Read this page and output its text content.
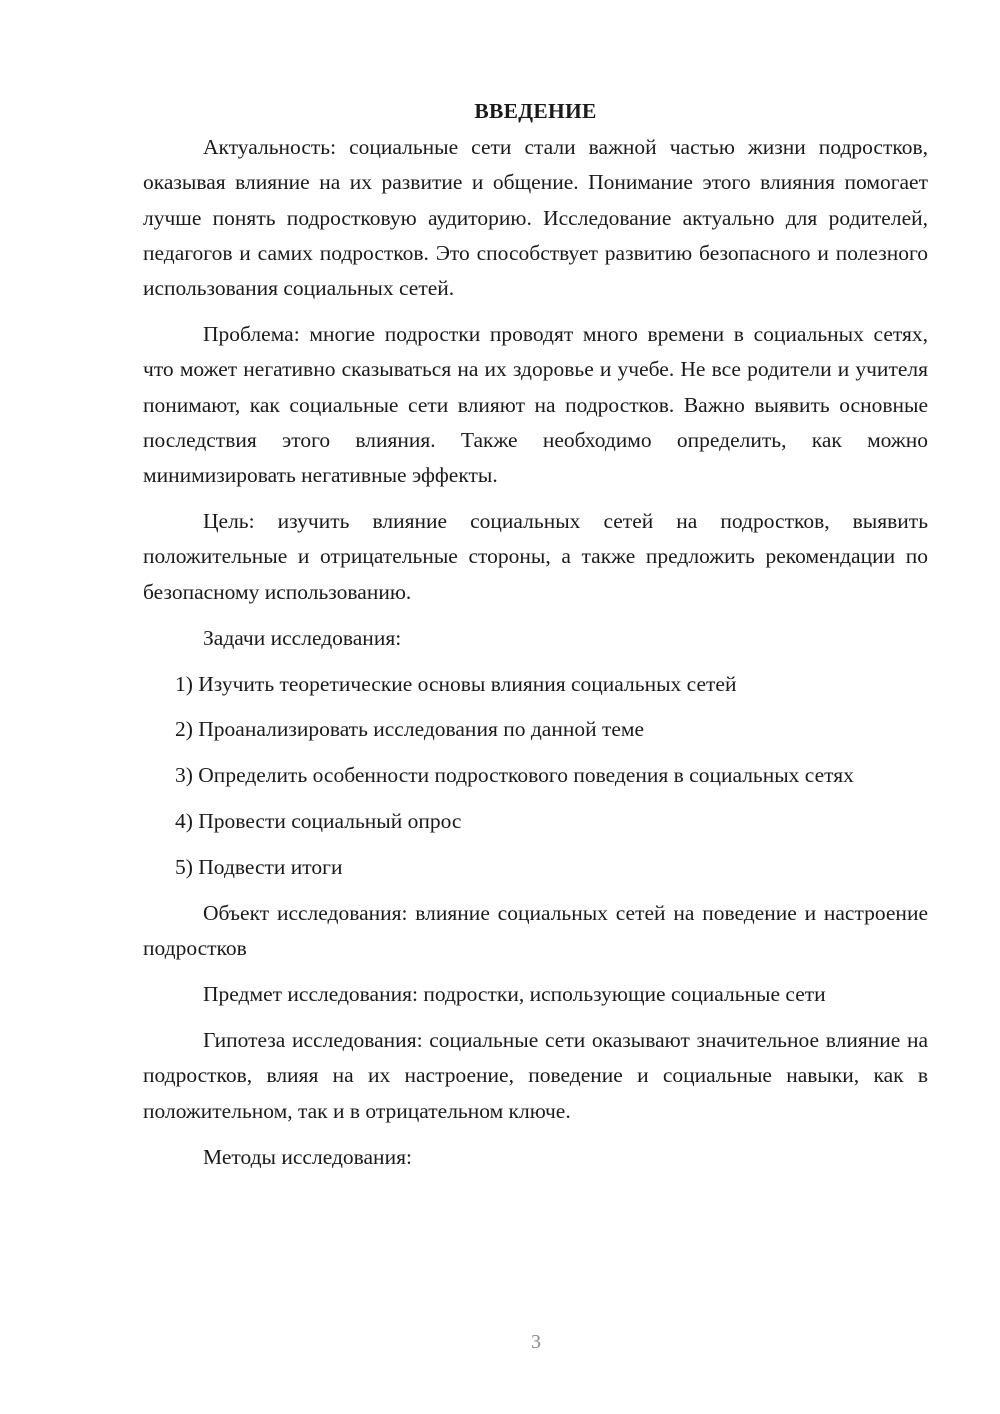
ВВЕДЕНИЕ

Актуальность: социальные сети стали важной частью жизни подростков, оказывая влияние на их развитие и общение. Понимание этого влияния помогает лучше понять подростковую аудиторию. Исследование актуально для родителей, педагогов и самих подростков. Это способствует развитию безопасного и полезного использования социальных сетей.

Проблема: многие подростки проводят много времени в социальных сетях, что может негативно сказываться на их здоровье и учебе. Не все родители и учителя понимают, как социальные сети влияют на подростков. Важно выявить основные последствия этого влияния. Также необходимо определить, как можно минимизировать негативные эффекты.

Цель: изучить влияние социальных сетей на подростков, выявить положительные и отрицательные стороны, а также предложить рекомендации по безопасному использованию.

Задачи исследования:

1) Изучить теоретические основы влияния социальных сетей

2) Проанализировать исследования по данной теме

3) Определить особенности подросткового поведения в социальных сетях

4) Провести социальный опрос

5) Подвести итоги

Объект исследования: влияние социальных сетей на поведение и настроение подростков

Предмет исследования: подростки, использующие социальные сети

Гипотеза исследования: социальные сети оказывают значительное влияние на подростков, влияя на их настроение, поведение и социальные навыки, как в положительном, так и в отрицательном ключе.

Методы исследования:

3
